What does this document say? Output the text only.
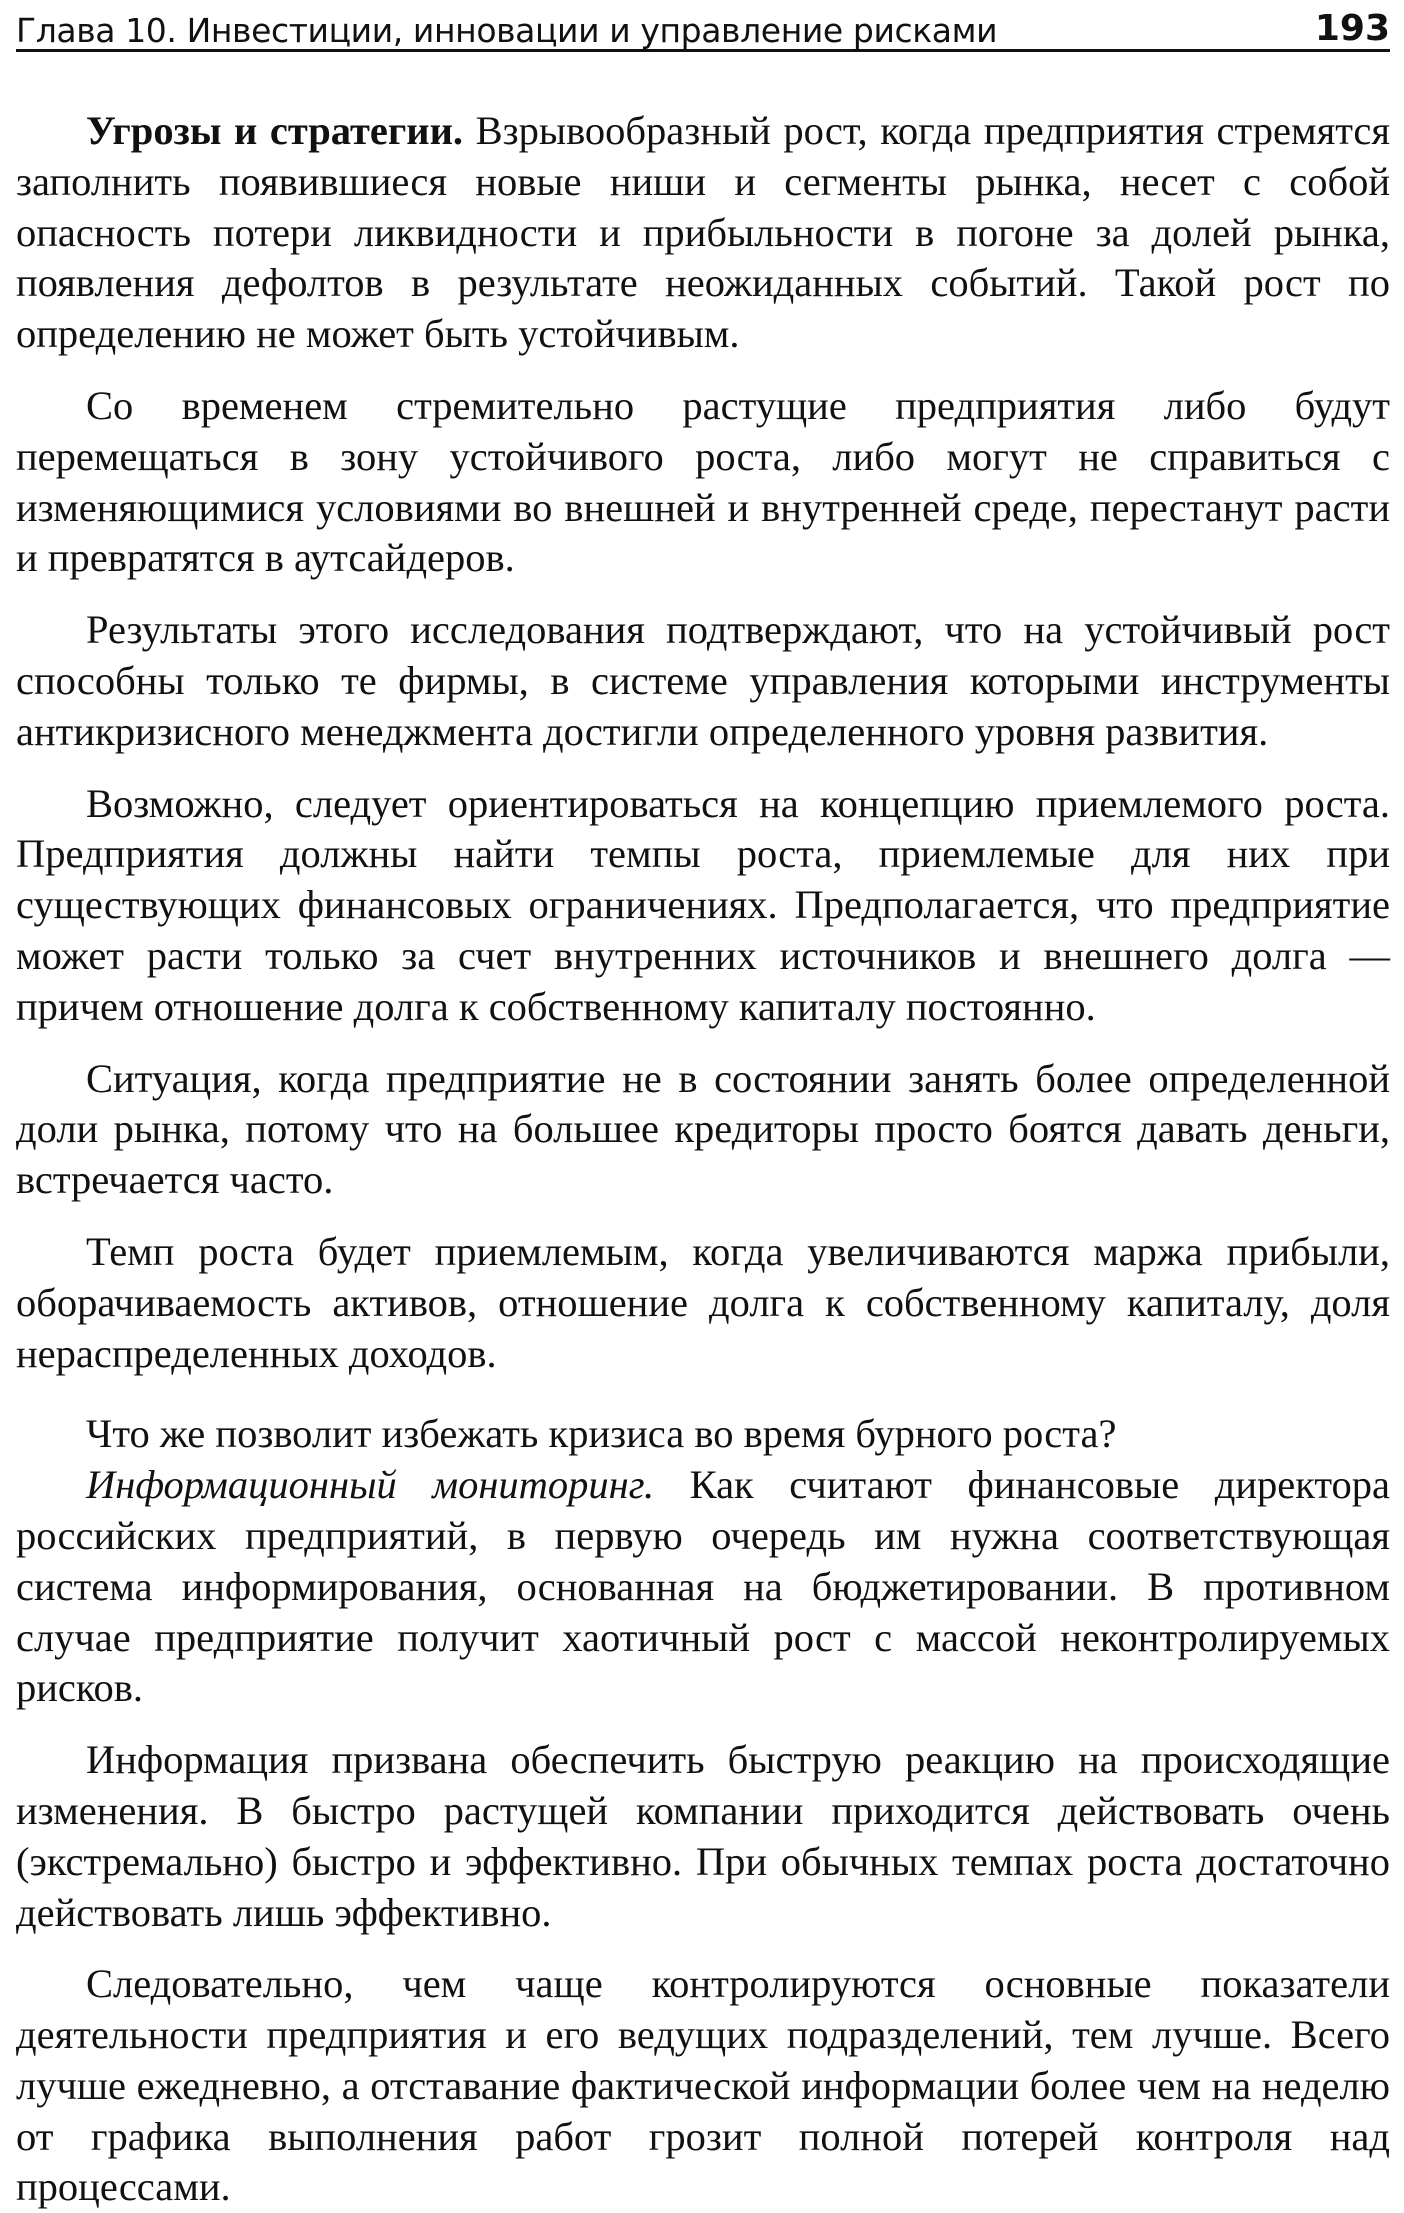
Глава 10. Инвестиции, инновации и управление рисками	193

Угрозы и стратегии. Взрывообразный рост, когда предприятия стремятся заполнить появившиеся новые ниши и сегменты рынка, несет с собой опасность потери ликвидности и прибыльности в погоне за долей рынка, появления дефолтов в результате неожиданных событий. Такой рост по определению не может быть устойчивым.

Со временем стремительно растущие предприятия либо будут перемещаться в зону устойчивого роста, либо могут не справиться с изменяющимися условиями во внешней и внутренней среде, перестанут расти и превратятся в аутсайдеров.

Результаты этого исследования подтверждают, что на устойчивый рост способны только те фирмы, в системе управления которыми инструменты антикризисного менеджмента достигли определенного уровня развития.

Возможно, следует ориентироваться на концепцию приемлемого роста. Предприятия должны найти темпы роста, приемлемые для них при существующих финансовых ограничениях. Предполагается, что предприятие может расти только за счет внутренних источников и внешнего долга — причем отношение долга к собственному капиталу постоянно.

Ситуация, когда предприятие не в состоянии занять более определенной доли рынка, потому что на большее кредиторы просто боятся давать деньги, встречается часто.

Темп роста будет приемлемым, когда увеличиваются маржа прибыли, оборачиваемость активов, отношение долга к собственному капиталу, доля нераспределенных доходов.

Что же позволит избежать кризиса во время бурного роста?

Информационный мониторинг. Как считают финансовые директора российских предприятий, в первую очередь им нужна соответствующая система информирования, основанная на бюджетировании. В противном случае предприятие получит хаотичный рост с массой неконтролируемых рисков.

Информация призвана обеспечить быструю реакцию на происходящие изменения. В быстро растущей компании приходится действовать очень (экстремально) быстро и эффективно. При обычных темпах роста достаточно действовать лишь эффективно.

Следовательно, чем чаще контролируются основные показатели деятельности предприятия и его ведущих подразделений, тем лучше. Всего лучше ежедневно, а отставание фактической информации более чем на неделю от графика выполнения работ грозит полной потерей контроля над процессами.
